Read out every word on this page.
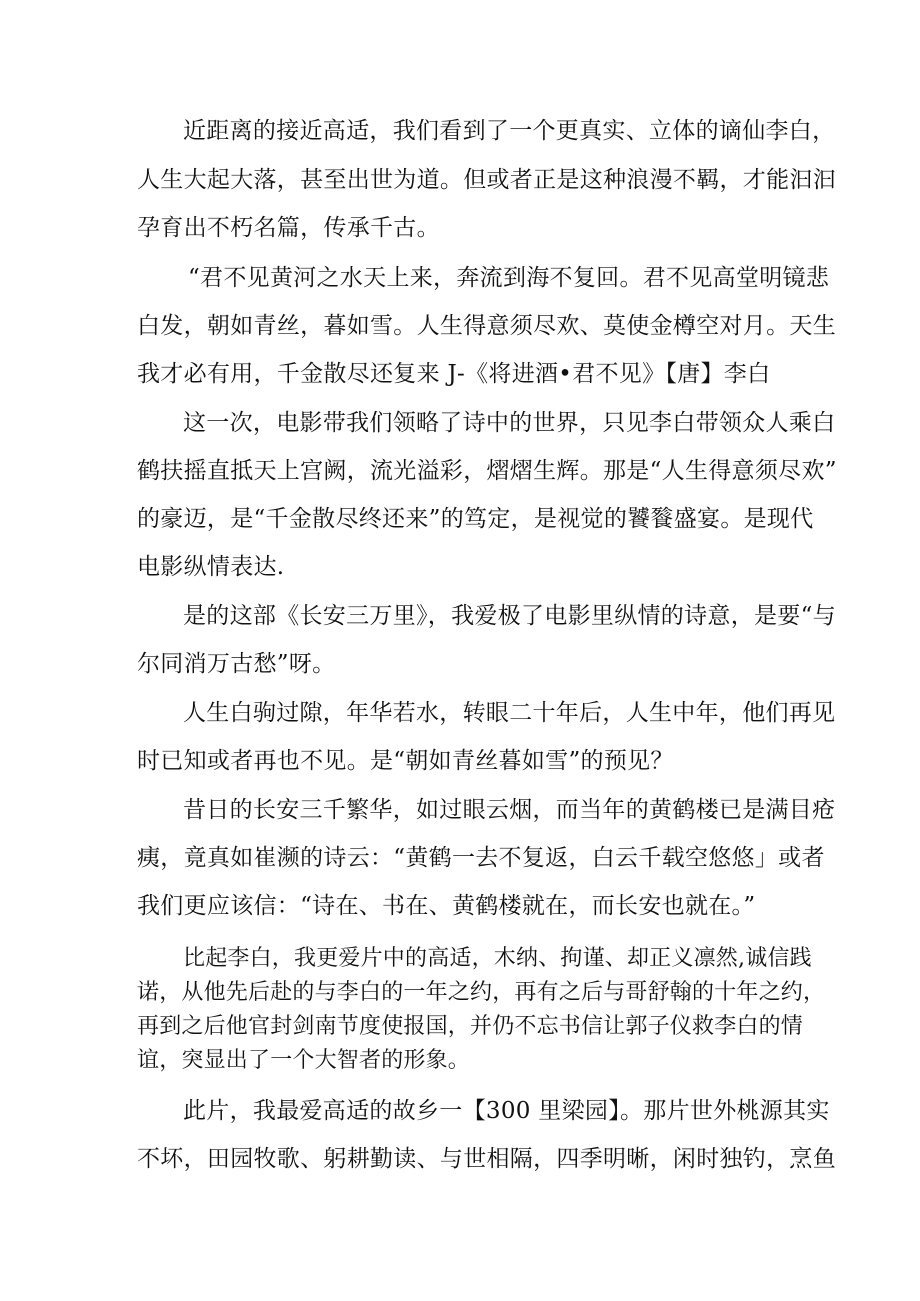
近距离的接近高适，我们看到了一个更真实、立体的谪仙李白，
人生大起大落，甚至出世为道。但或者正是这种浪漫不羁，才能汩汩
孕育出不朽名篇，传承千古。
“君不见黄河之水天上来，奔流到海不复回。君不见高堂明镜悲
白发，朝如青丝，暮如雪。人生得意须尽欢、莫使金樽空对月。天生
我才必有用，千金散尽还复来 J-《将进酒•君不见》【唐】李白
这一次，电影带我们领略了诗中的世界，只见李白带领众人乘白
鹤扶摇直抵天上宫阙，流光溢彩，熠熠生辉。那是“人生得意须尽欢”
的豪迈，是“千金散尽终还来”的笃定，是视觉的饕餮盛宴。是现代
电影纵情表达.
是的这部《长安三万里》，我爱极了电影里纵情的诗意，是要“与
尔同消万古愁”呀。
人生白驹过隙，年华若水，转眼二十年后，人生中年，他们再见
时已知或者再也不见。是“朝如青丝暮如雪”的预见？
昔日的长安三千繁华，如过眼云烟，而当年的黄鹤楼已是满目疮
痍，竟真如崔濒的诗云：“黄鹤一去不复返，白云千载空悠悠」或者
我们更应该信：“诗在、书在、黄鹤楼就在，而长安也就在。”
比起李白，我更爱片中的高适，木纳、拘谨、却正义凛然,诚信践
诺，从他先后赴的与李白的一年之约，再有之后与哥舒翰的十年之约，
再到之后他官封剑南节度使报国，并仍不忘书信让郭子仪救李白的情
谊，突显出了一个大智者的形象。
此片，我最爱高适的故乡一【300 里梁园】。那片世外桃源其实
不坏，田园牧歌、躬耕勤读、与世相隔，四季明晰，闲时独钓，烹鱼
